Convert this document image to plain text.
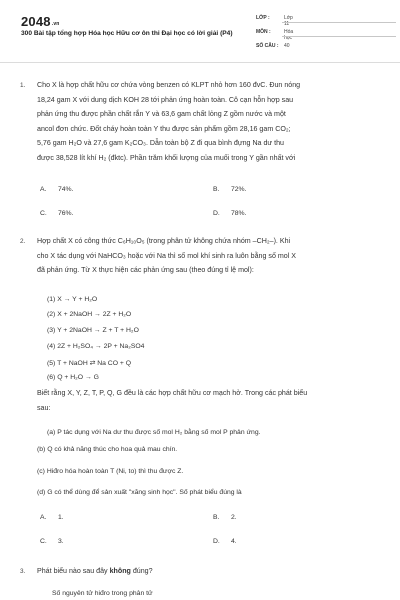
2048.vn
300 Bài tập tổng hợp Hóa học Hữu cơ ôn thi Đại học có lời giải (P4)
LỚP :	Lớp 11
MÔN :	Hóa học
SỐ CÂU :	40
1. Cho X là hợp chất hữu cơ chứa vòng benzen có KLPT nhỏ hơn 160 đvC. Đun nóng
18,24 gam X với dung dịch KOH 28 tới phản ứng hoàn toàn. Cô cạn hỗn hợp sau
phản ứng thu được phần chất rắn Y và 63,6 gam chất lỏng Z gồm nước và một
ancol đơn chức. Đốt cháy hoàn toàn Y thu được sản phẩm gồm 28,16 gam CO₂;
5,76 gam H₂O và 27,6 gam K₂CO₃. Dẫn toàn bộ Z đi qua bình đựng Na dư thu
được 38,528 lít khí H₂ (đktc). Phần trăm khối lượng của muối trong Y gần nhất với
A. 74%.	B. 72%.
C. 76%.	D. 78%.
2. Hợp chất X có công thức C₆H₁₀O₅ (trong phân tử không chứa nhóm –CH₂–). Khi
cho X tác dụng với NaHCO₃ hoặc với Na thì số mol khí sinh ra luôn bằng số mol X
đã phản ứng. Từ X thực hiện các phản ứng sau (theo đúng tỉ lệ mol):
(1) X → Y + H₂O
(2) X + 2NaOH → 2Z + H₂O
(3) Y + 2NaOH → Z + T + H₂O
(4) 2Z + H₂SO₄ → 2P + Na₂SO4
(5) T + NaOH ⇄ Na CO + Q
(6) Q + H₂O → G
Biết rằng X, Y, Z, T, P, Q, G đều là các hợp chất hữu cơ mạch hở. Trong các phát biểu
sau:
(a) P tác dụng với Na dư thu được số mol H₂ bằng số mol P phản ứng.
(b) Q có khả năng thúc cho hoa quả mau chín.
(c) Hiđro hóa hoàn toàn T (Ni, to) thì thu được Z.
(d) G có thể dùng để sản xuất "xăng sinh học". Số phát biểu đúng là
A. 1.	B. 2.
C. 3.	D. 4.
3. Phát biểu nào sau đây không đúng?
Số nguyên tử hiđro trong phân tử
